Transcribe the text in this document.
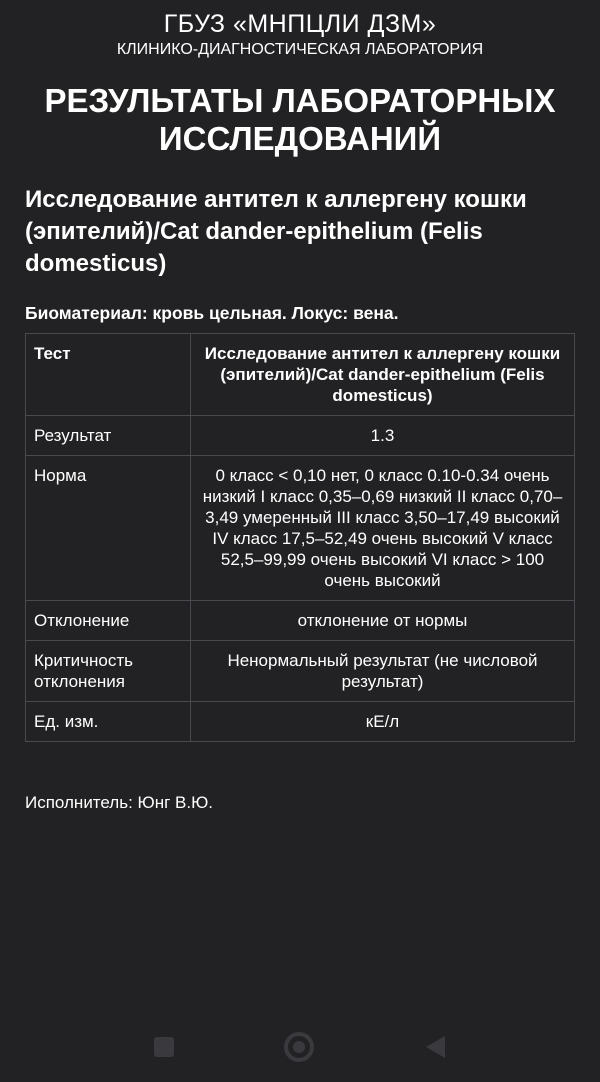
ГБУЗ «МНПЦЛИ ДЗМ»
КЛИНИКО-ДИАГНОСТИЧЕСКАЯ ЛАБОРАТОРИЯ
РЕЗУЛЬТАТЫ ЛАБОРАТОРНЫХ ИССЛЕДОВАНИЙ
Исследование антител к аллергену кошки (эпителий)/Cat dander-epithelium (Felis domesticus)
Биоматериал: кровь цельная. Локус: вена.
Тест	Исследование антител к аллергену кошки (эпителий)/Cat dander-epithelium (Felis domesticus)
Результат	1.3
Норма	0 класс < 0,10 нет, 0 класс 0.10-0.34 очень низкий I класс 0,35–0,69 низкий II класс 0,70–3,49 умеренный III класс 3,50–17,49 высокий IV класс 17,5–52,49 очень высокий V класс 52,5–99,99 очень высокий VI класс > 100 очень высокий
Отклонение	отклонение от нормы
Критичность отклонения	Ненормальный результат (не числовой результат)
Ед. изм.	кЕ/л
Исполнитель: Юнг В.Ю.
